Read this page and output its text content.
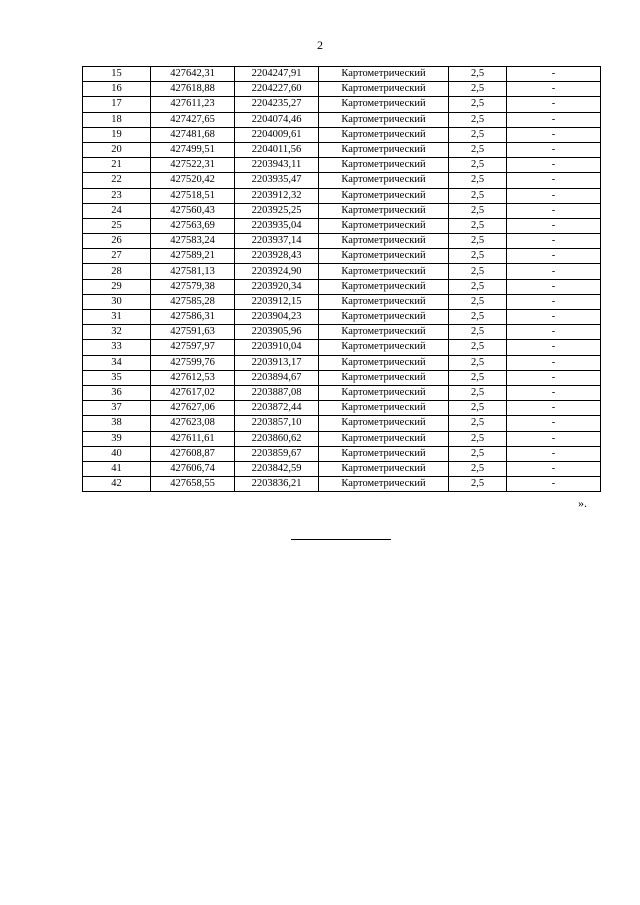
2
15	427642,31	2204247,91	Картометрический	2,5	-
16	427618,88	2204227,60	Картометрический	2,5	-
17	427611,23	2204235,27	Картометрический	2,5	-
18	427427,65	2204074,46	Картометрический	2,5	-
19	427481,68	2204009,61	Картометрический	2,5	-
20	427499,51	2204011,56	Картометрический	2,5	-
21	427522,31	2203943,11	Картометрический	2,5	-
22	427520,42	2203935,47	Картометрический	2,5	-
23	427518,51	2203912,32	Картометрический	2,5	-
24	427560,43	2203925,25	Картометрический	2,5	-
25	427563,69	2203935,04	Картометрический	2,5	-
26	427583,24	2203937,14	Картометрический	2,5	-
27	427589,21	2203928,43	Картометрический	2,5	-
28	427581,13	2203924,90	Картометрический	2,5	-
29	427579,38	2203920,34	Картометрический	2,5	-
30	427585,28	2203912,15	Картометрический	2,5	-
31	427586,31	2203904,23	Картометрический	2,5	-
32	427591,63	2203905,96	Картометрический	2,5	-
33	427597,97	2203910,04	Картометрический	2,5	-
34	427599,76	2203913,17	Картометрический	2,5	-
35	427612,53	2203894,67	Картометрический	2,5	-
36	427617,02	2203887,08	Картометрический	2,5	-
37	427627,06	2203872,44	Картометрический	2,5	-
38	427623,08	2203857,10	Картометрический	2,5	-
39	427611,61	2203860,62	Картометрический	2,5	-
40	427608,87	2203859,67	Картометрический	2,5	-
41	427606,74	2203842,59	Картометрический	2,5	-
42	427658,55	2203836,21	Картометрический	2,5	-
».
